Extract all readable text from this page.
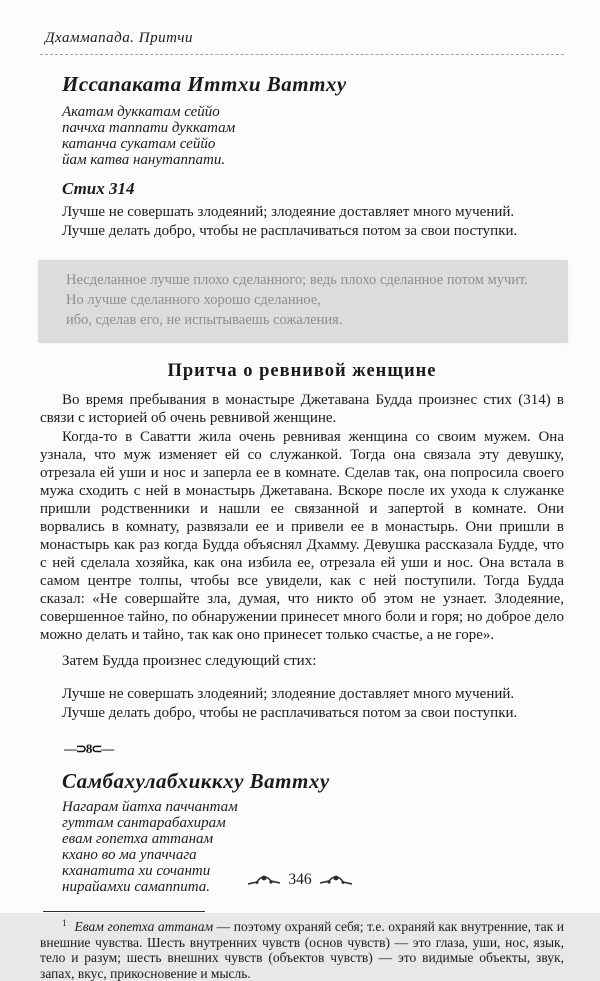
Дхаммапада. Притчи
Иссапаката Иттхи Ваттху
Акатам дуккатам сеййо
паччха таппати дуккатам
катанча сукатам сеййо
йам катва нанутаппати.
Стих 314
Лучше не совершать злодеяний; злодеяние доставляет много мучений.
Лучше делать добро, чтобы не расплачиваться потом за свои поступки.
Несделанное лучше плохо сделанного; ведь плохо сделанное потом мучит.
Но лучше сделанного хорошо сделанное,
ибо, сделав его, не испытываешь сожаления.
Притча о ревнивой женщине

Во время пребывания в монастыре Джетавана Будда произнес стих (314) в связи с историей об очень ревнивой женщине.

Когда-то в Саватти жила очень ревнивая женщина со своим мужем. Она узнала, что муж изменяет ей со служанкой. Тогда она связала эту девушку, отрезала ей уши и нос и заперла ее в комнате. Сделав так, она попросила своего мужа сходить с ней в монастырь Джетавана. Вскоре после их ухода к служанке пришли родственники и нашли ее связанной и запертой в комнате. Они ворвались в комнату, развязали ее и привели ее в монастырь. Они пришли в монастырь как раз когда Будда объяснял Дхамму. Девушка рассказала Будде, что с ней сделала хозяйка, как она избила ее, отрезала ей уши и нос. Она встала в самом центре толпы, чтобы все увидели, как с ней поступили. Тогда Будда сказал: «Не совершайте зла, думая, что никто об этом не узнает. Злодеяние, совершенное тайно, по обнаружении принесет много боли и горя; но доброе дело можно делать и тайно, так как оно принесет только счастье, а не горе».

Затем Будда произнес следующий стих:

Лучше не совершать злодеяний; злодеяние доставляет много мучений.
Лучше делать добро, чтобы не расплачиваться потом за свои поступки.
—⊃8⊂—
Самбахулабхиккху Ваттху
Нагарам йатха паччантам
гуттам сантарабахирам
евам гопетха аттанам
кхано во ма упаччага
кханатита хи сочанти
нирайамхи самаппита.

$^1$ Евам гопетха аттанам — поэтому охраняй себя; т.е. охраняй как внутренние, так и внешние чувства. Шесть внутренних чувств (основ чувств) — это глаза, уши, нос, язык, тело и разум; шесть внешних чувств (объектов чувств) — это видимые объекты, звук, запах, вкус, прикосновение и мысль.

346
